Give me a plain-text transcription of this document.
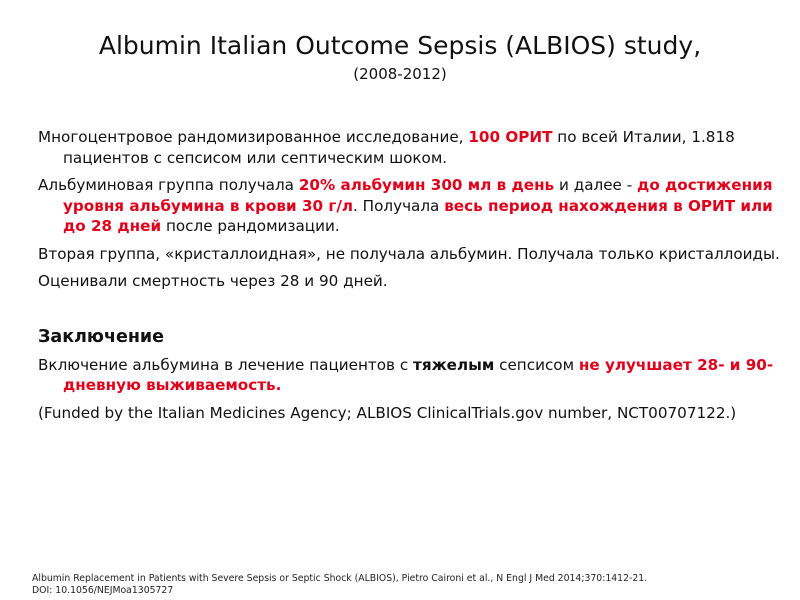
Albumin Italian Outcome Sepsis (ALBIOS) study,
(2008-2012)

Многоцентровое рандомизированное исследование, 100 ОРИТ по всей Италии, 1.818 пациентов с сепсисом или септическим шоком.

Альбуминовая группа получала 20% альбумин 300 мл в день и далее - до достижения уровня альбумина в крови 30 г/л. Получала весь период нахождения в ОРИТ или до 28 дней после рандомизации.

Вторая группа, «кристаллоидная», не получала альбумин. Получала только кристаллоиды.

Оценивали смертность через 28 и 90 дней.

Заключение

Включение альбумина в лечение пациентов с тяжелым сепсисом не улучшает 28- и 90- дневную выживаемость.

(Funded by the Italian Medicines Agency; ALBIOS ClinicalTrials.gov number, NCT00707122.)

Albumin Replacement in Patients with Severe Sepsis or Septic Shock (ALBIOS), Pietro Caironi et al., N Engl J Med 2014;370:1412-21.
DOI: 10.1056/NEJMoa1305727
